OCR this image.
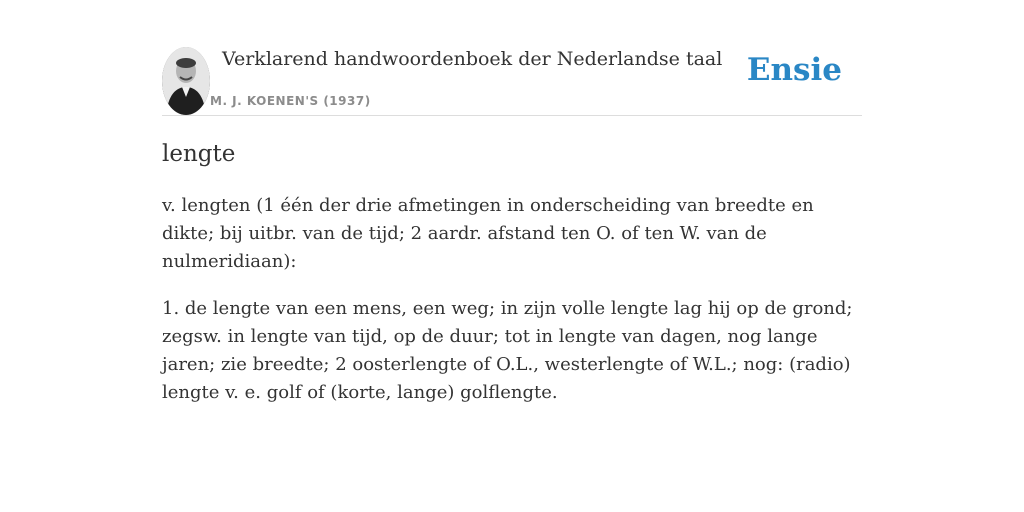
Verklarend handwoordenboek der Nederlandse taal
M. J. KOENEN'S (1937)
Ensie
lengte

v. lengten (1 één der drie afmetingen in onderscheiding van breedte en dikte; bij uitbr. van de tijd; 2 aardr. afstand ten O. of ten W. van de nulmeridiaan):

1. de lengte van een mens, een weg; in zijn volle lengte lag hij op de grond; zegsw. in lengte van tijd, op de duur; tot in lengte van dagen, nog lange jaren; zie breedte; 2 oosterlengte of O.L., westerlengte of W.L.; nog: (radio) lengte v. e. golf of (korte, lange) golflengte.
